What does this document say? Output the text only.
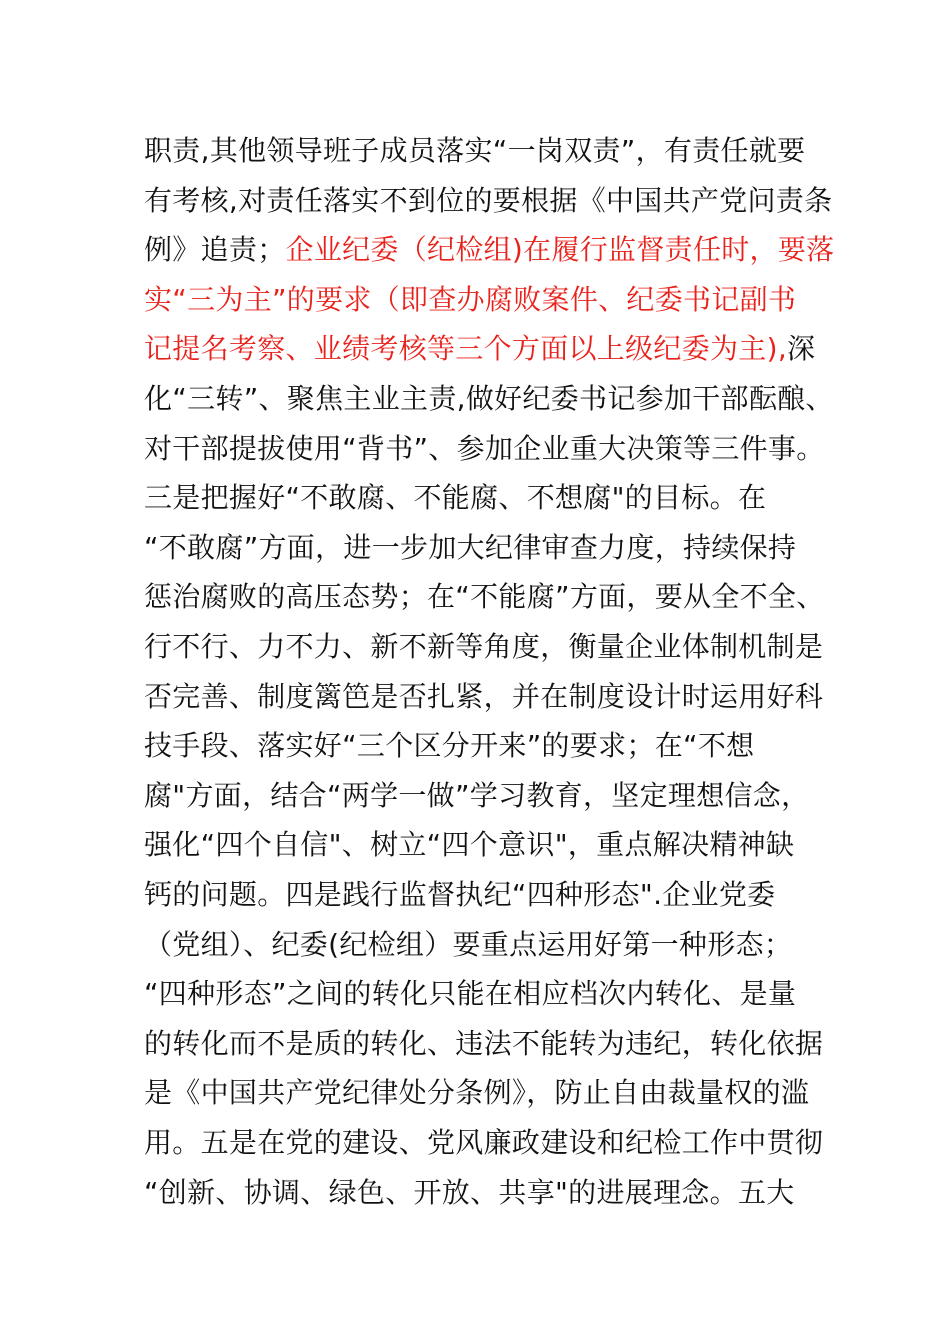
职责,其他领导班子成员落实“一岗双责”，有责任就要
有考核,对责任落实不到位的要根据《中国共产党问责条
例》追责；企业纪委（纪检组)在履行监督责任时，要落
实“三为主”的要求（即查办腐败案件、纪委书记副书
记提名考察、业绩考核等三个方面以上级纪委为主),深
化“三转”、聚焦主业主责,做好纪委书记参加干部酝酿、
对干部提拔使用“背书”、参加企业重大决策等三件事。
三是把握好“不敢腐、不能腐、不想腐"的目标。在
“不敢腐”方面，进一步加大纪律审查力度，持续保持
惩治腐败的高压态势；在“不能腐”方面，要从全不全、
行不行、力不力、新不新等角度，衡量企业体制机制是
否完善、制度篱笆是否扎紧，并在制度设计时运用好科
技手段、落实好“三个区分开来”的要求；在“不想
腐"方面，结合“两学一做”学习教育，坚定理想信念，
强化“四个自信"、树立“四个意识"，重点解决精神缺
钙的问题。四是践行监督执纪“四种形态".企业党委
（党组）、纪委(纪检组）要重点运用好第一种形态；
“四种形态”之间的转化只能在相应档次内转化、是量
的转化而不是质的转化、违法不能转为违纪，转化依据
是《中国共产党纪律处分条例》，防止自由裁量权的滥
用。五是在党的建设、党风廉政建设和纪检工作中贯彻
“创新、协调、绿色、开放、共享"的进展理念。五大
